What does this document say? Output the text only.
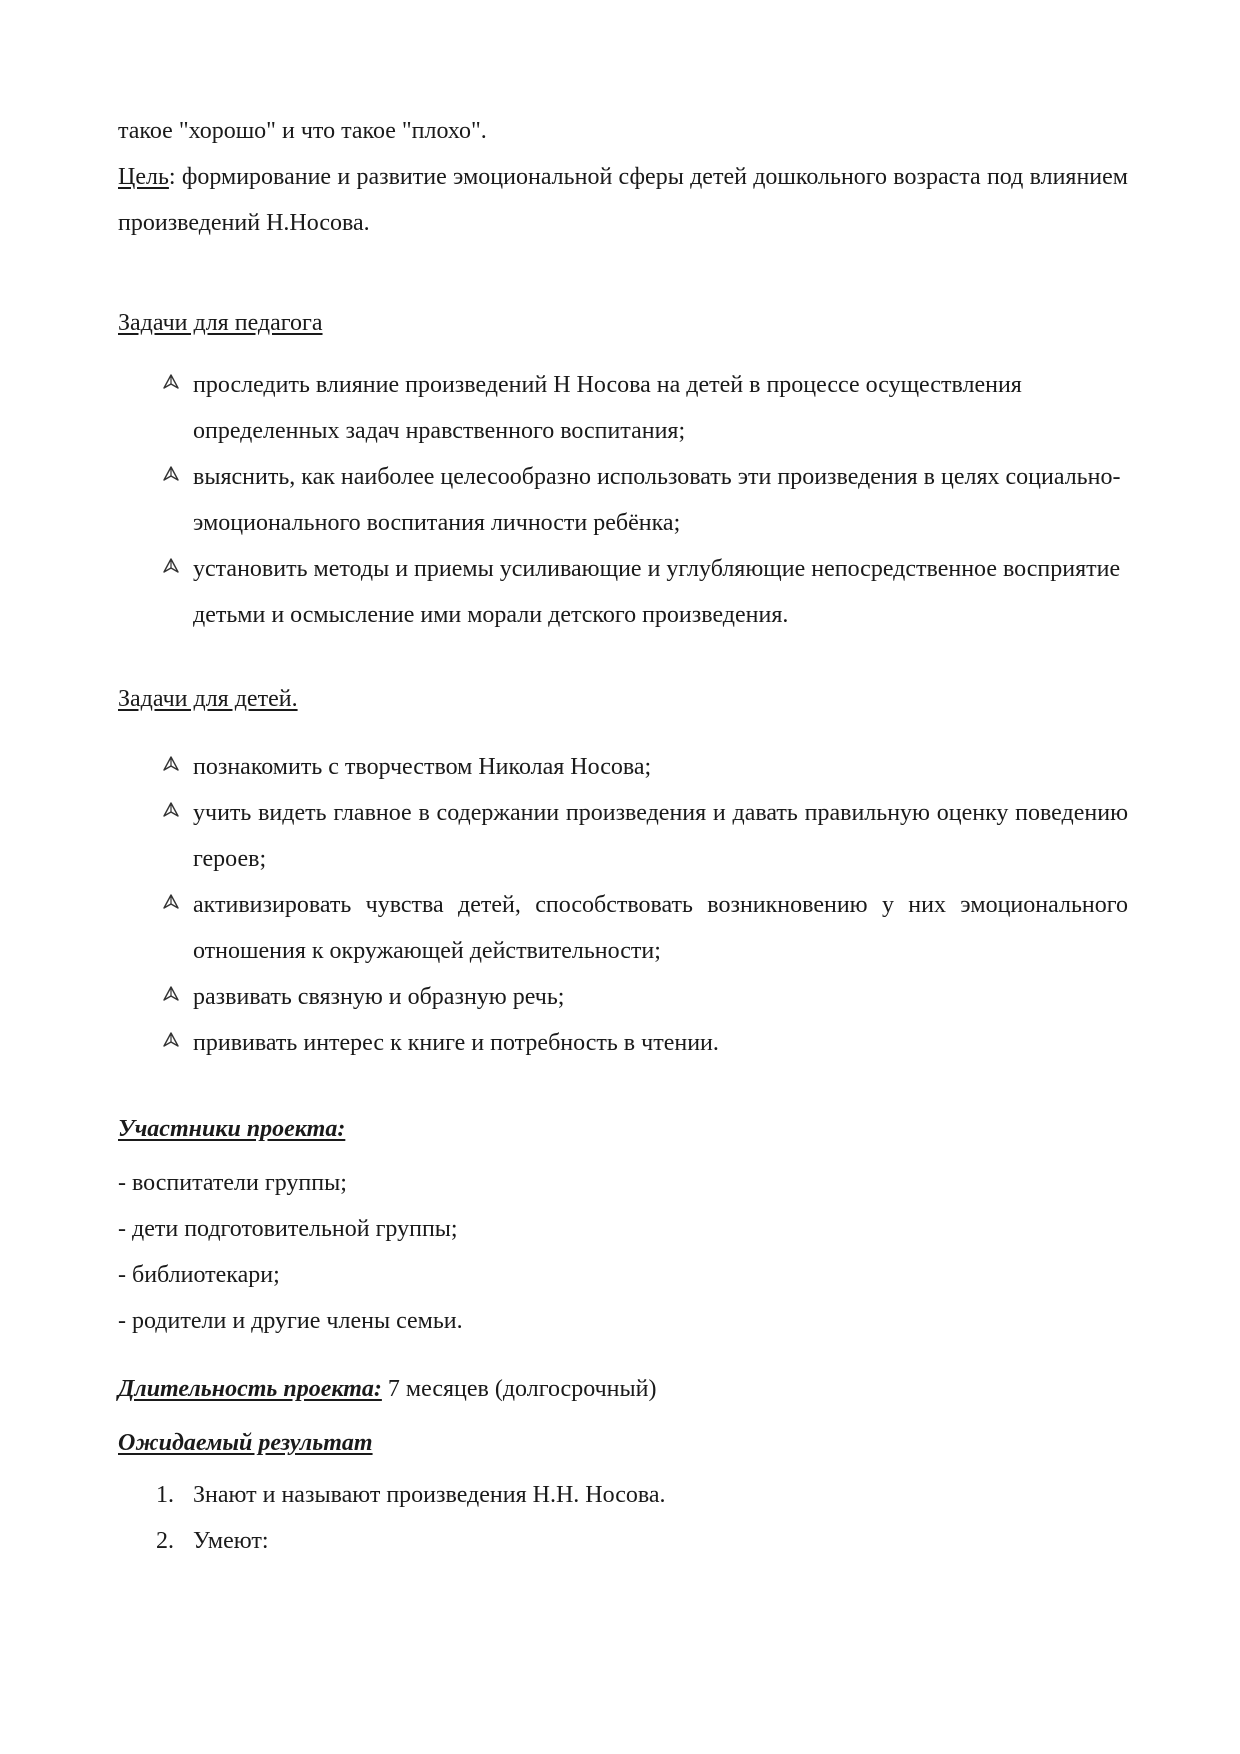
такое "хорошо" и что такое "плохо".

Цель: формирование и развитие эмоциональной сферы детей дошкольного возраста под влиянием произведений Н.Носова.

Задачи для педагога

проследить влияние произведений Н Носова на детей в процессе осуществления определенных задач нравственного воспитания;
выяснить, как наиболее целесообразно использовать эти произведения в целях социально-эмоционального воспитания личности ребёнка;
установить методы и приемы усиливающие и углубляющие непосредственное восприятие детьми и осмысление ими морали детского произведения.

Задачи для детей.

познакомить с творчеством Николая Носова;
учить видеть главное в содержании произведения и давать правильную оценку поведению героев;
активизировать чувства детей, способствовать возникновению у них эмоционального отношения к окружающей действительности;
развивать связную и образную речь;
прививать интерес к книге и потребность в чтении.

Участники проекта:

- воспитатели группы;

- дети подготовительной группы;

- библиотекари;

- родители и другие члены семьи.

Длительность проекта: 7 месяцев (долгосрочный)

Ожидаемый результат

1. Знают и называют произведения Н.Н. Носова.
2. Умеют:
